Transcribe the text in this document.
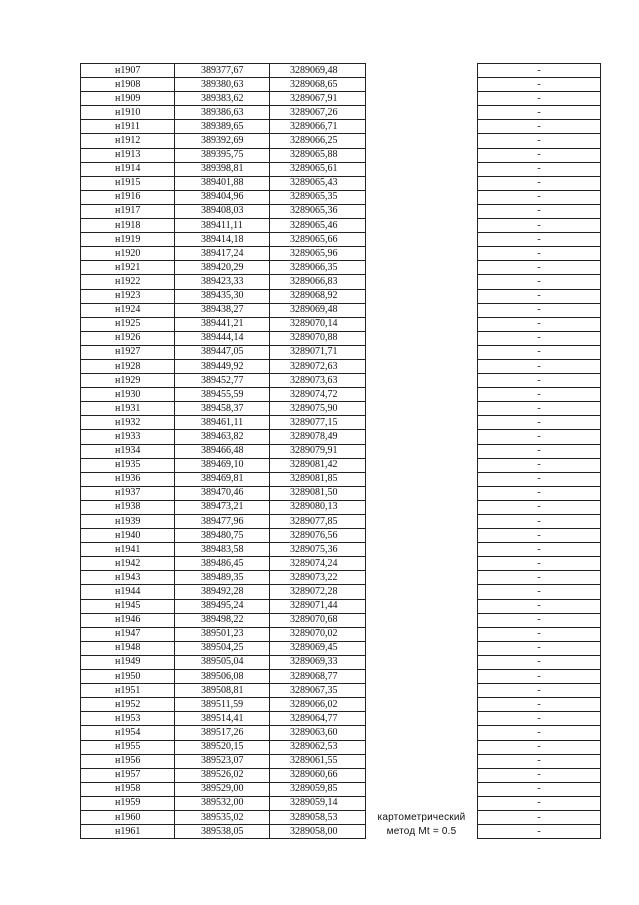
н1907	389377,67	3289069,48		-
н1908	389380,63	3289068,65		-
н1909	389383,62	3289067,91		-
н1910	389386,63	3289067,26		-
н1911	389389,65	3289066,71		-
н1912	389392,69	3289066,25		-
н1913	389395,75	3289065,88		-
н1914	389398,81	3289065,61		-
н1915	389401,88	3289065,43		-
н1916	389404,96	3289065,35		-
н1917	389408,03	3289065,36		-
н1918	389411,11	3289065,46		-
н1919	389414,18	3289065,66		-
н1920	389417,24	3289065,96		-
н1921	389420,29	3289066,35		-
н1922	389423,33	3289066,83		-
н1923	389435,30	3289068,92		-
н1924	389438,27	3289069,48		-
н1925	389441,21	3289070,14		-
н1926	389444,14	3289070,88		-
н1927	389447,05	3289071,71		-
н1928	389449,92	3289072,63		-
н1929	389452,77	3289073,63		-
н1930	389455,59	3289074,72		-
н1931	389458,37	3289075,90		-
н1932	389461,11	3289077,15		-
н1933	389463,82	3289078,49		-
н1934	389466,48	3289079,91		-
н1935	389469,10	3289081,42		-
н1936	389469,81	3289081,85		-
н1937	389470,46	3289081,50		-
н1938	389473,21	3289080,13		-
н1939	389477,96	3289077,85		-
н1940	389480,75	3289076,56		-
н1941	389483,58	3289075,36		-
н1942	389486,45	3289074,24		-
н1943	389489,35	3289073,22		-
н1944	389492,28	3289072,28		-
н1945	389495,24	3289071,44		-
н1946	389498,22	3289070,68		-
н1947	389501,23	3289070,02		-
н1948	389504,25	3289069,45		-
н1949	389505,04	3289069,33		-
н1950	389506,08	3289068,77		-
н1951	389508,81	3289067,35		-
н1952	389511,59	3289066,02		-
н1953	389514,41	3289064,77		-
н1954	389517,26	3289063,60		-
н1955	389520,15	3289062,53		-
н1956	389523,07	3289061,55		-
н1957	389526,02	3289060,66		-
н1958	389529,00	3289059,85		-
н1959	389532,00	3289059,14		-
н1960	389535,02	3289058,53	картометрический	-
н1961	389538,05	3289058,00	метод Mt = 0.5	-
